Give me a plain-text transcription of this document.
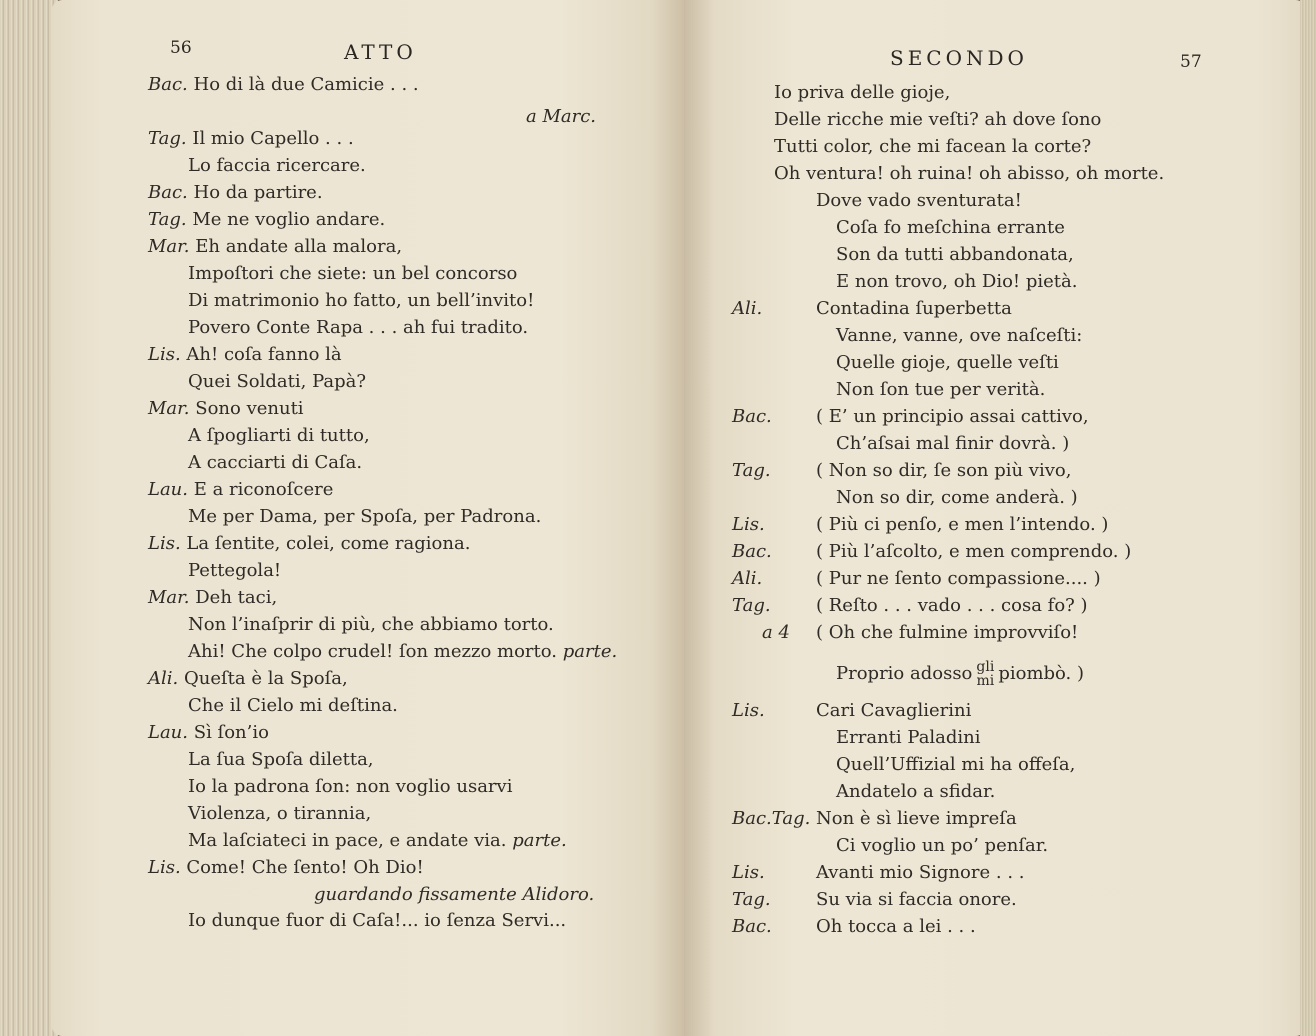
56	ATTO
Bac. Ho di là due Camicie . . .
a Marc.
Tag. Il mio Capello . . .
Lo faccia ricercare.
Bac. Ho da partire.
Tag. Me ne voglio andare.
Mar. Eh andate alla malora,
Impoſtori che siete: un bel concorso
Di matrimonio ho fatto, un bell’invito!
Povero Conte Rapa . . . ah fui tradito.
Lis. Ah! coſa fanno là
Quei Soldati, Papà?
Mar. Sono venuti
A ſpogliarti di tutto,
A cacciarti di Caſa.
Lau. E a riconoſcere
Me per Dama, per Spoſa, per Padrona.
Lis. La ſentite, colei, come ragiona.
Pettegola!
Mar. Deh taci,
Non l’inaſprir di più, che abbiamo torto.
Ahi! Che colpo crudel! ſon mezzo morto. parte.
Ali. Queſta è la Spoſa,
Che il Cielo mi deſtina.
Lau. Sì ſon’io
La ſua Spoſa diletta,
Io la padrona ſon: non voglio usarvi
Violenza, o tirannia,
Ma laſciateci in pace, e andate via. parte.
Lis. Come! Che ſento! Oh Dio!
guardando fissamente Alidoro.
Io dunque fuor di Caſa!... io ſenza Servi...
SECONDO	57
Io priva delle gioje,
Delle ricche mie veſti? ah dove ſono
Tutti color, che mi facean la corte?
Oh ventura! oh ruina! oh abisso, oh morte.
Dove vado sventurata!
Coſa fo meſchina errante
Son da tutti abbandonata,
E non trovo, oh Dio! pietà.
Ali.	Contadina ſuperbetta
Vanne, vanne, ove naſceſti:
Quelle gioje, quelle veſti
Non ſon tue per verità.
Bac. ( E’ un principio assai cattivo,
Ch’aſsai mal finir dovrà. )
Tag.	( Non so dir, ſe son più vivo,
Non so dir, come anderà. )
Lis.	( Più ci penſo, e men l’intendo. )
Bac. ( Più l’aſcolto, e men comprendo. )
Ali.	( Pur ne ſento compassione.... )
Tag.	( Reſto . . . vado . . . cosa fo? )
a 4 ( Oh che fulmine improvviſo!
Proprio adosso gli
mi piombò. )
Lis.	Cari Cavaglierini
Erranti Paladini
Quell’Uffizial mi ha offeſa,
Andatelo a sfidar.
Bac.Tag. Non è sì lieve impreſa
Ci voglio un po’ penſar.
Lis.	Avanti mio Signore . . .
Tag.	Su via si faccia onore.
Bac. Oh tocca a lei . . .
